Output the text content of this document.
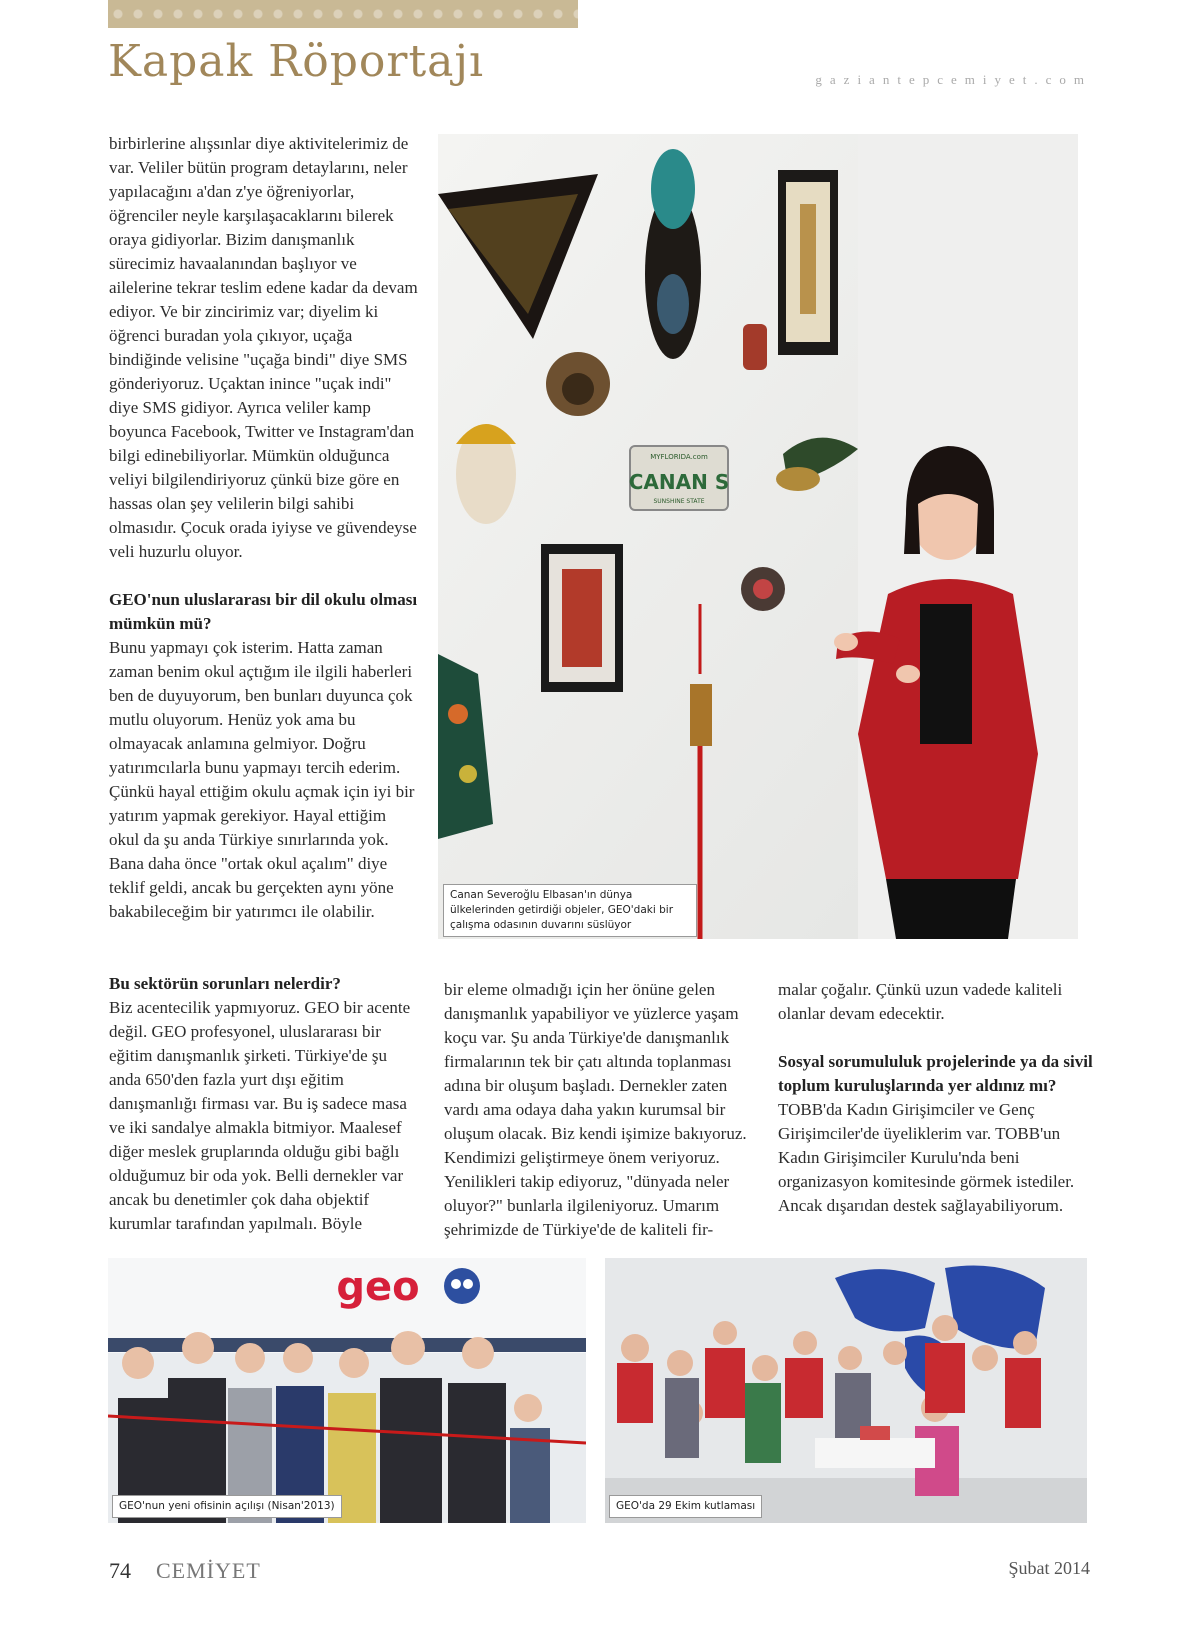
Kapak Röportajı	gaziantepcemiyet.com

birbirlerine alışsınlar diye aktivitelerimiz de var. Veliler bütün program detaylarını, neler yapılacağını a'dan z'ye öğreniyorlar, öğrenciler neyle karşılaşacaklarını bilerek oraya gidiyorlar. Bizim danışmanlık sürecimiz havaalanından başlıyor ve ailelerine tekrar teslim edene kadar da devam ediyor. Ve bir zincirimiz var; diyelim ki öğrenci buradan yola çıkıyor, uçağa bindiğinde velisine "uçağa bindi" diye SMS gönderiyoruz. Uçaktan inince "uçak indi" diye SMS gidiyor. Ayrıca veliler kamp boyunca Facebook, Twitter ve Instagram'dan bilgi edinebiliyorlar. Mümkün olduğunca veliyi bilgilendiriyoruz çünkü bize göre en hassas olan şey velilerin bilgi sahibi olmasıdır. Çocuk orada iyiyse ve güvendeyse veli huzurlu oluyor.

GEO'nun uluslararası bir dil okulu olması mümkün mü?

Bunu yapmayı çok isterim. Hatta zaman zaman benim okul açtığım ile ilgili haberleri ben de duyuyorum, ben bunları duyunca çok mutlu oluyorum. Henüz yok ama bu olmayacak anlamına gelmiyor. Doğru yatırımcılarla bunu yapmayı tercih ederim. Çünkü hayal ettiğim okulu açmak için iyi bir yatırım yapmak gerekiyor. Hayal ettiğim okul da şu anda Türkiye sınırlarında yok. Bana daha önce "ortak okul açalım" diye teklif geldi, ancak bu gerçekten aynı yöne bakabileceğim bir yatırımcı ile olabilir.

MYFLORIDA.com
CANAN S
SUNSHINE STATE
Canan Severoğlu Elbasan'ın dünya ülkelerinden getirdiği objeler, GEO'daki bir çalışma odasının duvarını süslüyor
Bu sektörün sorunları nelerdir?

Biz acentecilik yapmıyoruz. GEO bir acente değil. GEO profesyonel, uluslararası bir eğitim danışmanlık şirketi. Türkiye'de şu anda 650'den fazla yurt dışı eğitim danışmanlığı firması var. Bu iş sadece masa ve iki sandalye almakla bitmiyor. Maalesef diğer meslek gruplarında olduğu gibi bağlı olduğumuz bir oda yok. Belli dernekler var ancak bu denetimler çok daha objektif kurumlar tarafından yapılmalı. Böyle

bir eleme olmadığı için her önüne gelen danışmanlık yapabiliyor ve yüzlerce yaşam koçu var. Şu anda Türkiye'de danışmanlık firmalarının tek bir çatı altında toplanması adına bir oluşum başladı. Dernekler zaten vardı ama odaya daha yakın kurumsal bir oluşum olacak. Biz kendi işimize bakıyoruz. Kendimizi geliştirmeye önem veriyoruz. Yenilikleri takip ediyoruz, "dünyada neler oluyor?" bunlarla ilgileniyoruz. Umarım şehrimizde de Türkiye'de de kaliteli fir-

malar çoğalır. Çünkü uzun vadede kaliteli olanlar devam edecektir.

Sosyal sorumululuk projelerinde ya da sivil toplum kuruluşlarında yer aldınız mı?

TOBB'da Kadın Girişimciler ve Genç Girişimciler'de üyeliklerim var. TOBB'un Kadın Girişimciler Kurulu'nda beni organizasyon komitesinde görmek istediler. Ancak dışarıdan destek sağlayabiliyorum.

geo
GEO'nun yeni ofisinin açılışı (Nisan'2013)	GEO'da 29 Ekim kutlaması
74 CEMİYET	Şubat 2014
